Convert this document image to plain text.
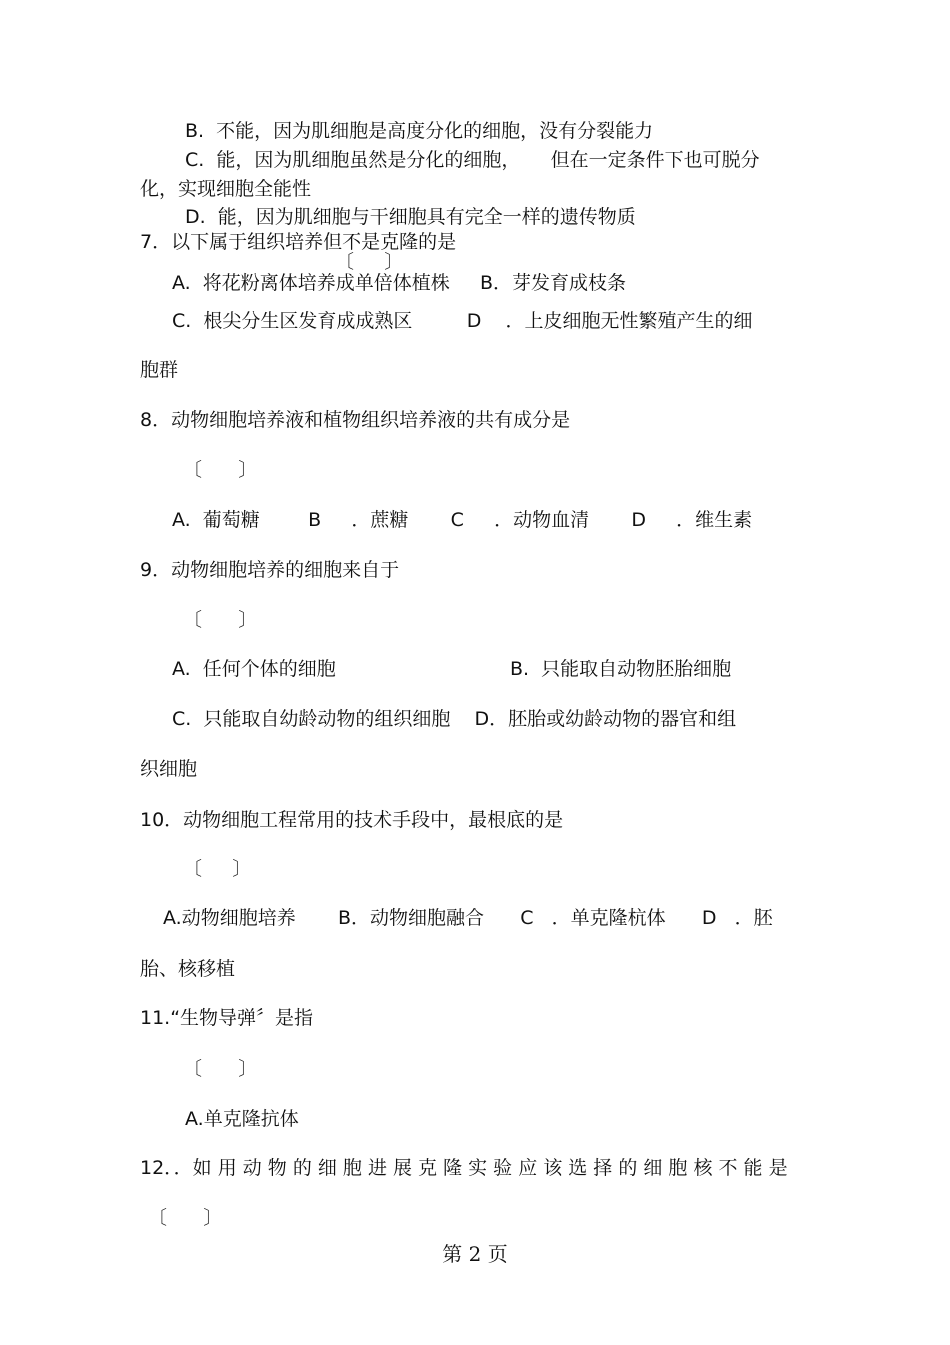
B.  不能，因为肌细胞是高度分化的细胞，没有分裂能力
C.  能，因为肌细胞虽然是分化的细胞，     但在一定条件下也可脱分
化，实现细胞全能性
D.  能，因为肌细胞与干细胞具有完全一样的遗传物质
7．以下属于组织培养但不是克隆的是
〔     〕
A.  将花粉离体培养成单倍体植株     B．芽发育成枝条
C.  根尖分生区发育成成熟区         D    ．上皮细胞无性繁殖产生的细
胞群
8．动物细胞培养液和植物组织培养液的共有成分是
〔      〕
A.  葡萄糖        B     ．蔗糖       C     ．动物血清       D     ．维生素
9．动物细胞培养的细胞来自于
〔      〕
A.  任何个体的细胞	B.  只能取自动物胚胎细胞
C.  只能取自幼龄动物的组织细胞    D．胚胎或幼龄动物的器官和组
织细胞
10．动物细胞工程常用的技术手段中，最根底的是
〔     〕
A.动物细胞培养       B．动物细胞融合      C   ．单克隆杭体      D   ．胚
胎、核移植
11.“生物导弹〞是指
〔      〕
A.单克隆抗体
12．．如 用 动 物 的 细 胞 进 展 克 隆 实 验 应 该 选 择 的 细 胞 核 不 能 是
〔      〕
第 2 页
